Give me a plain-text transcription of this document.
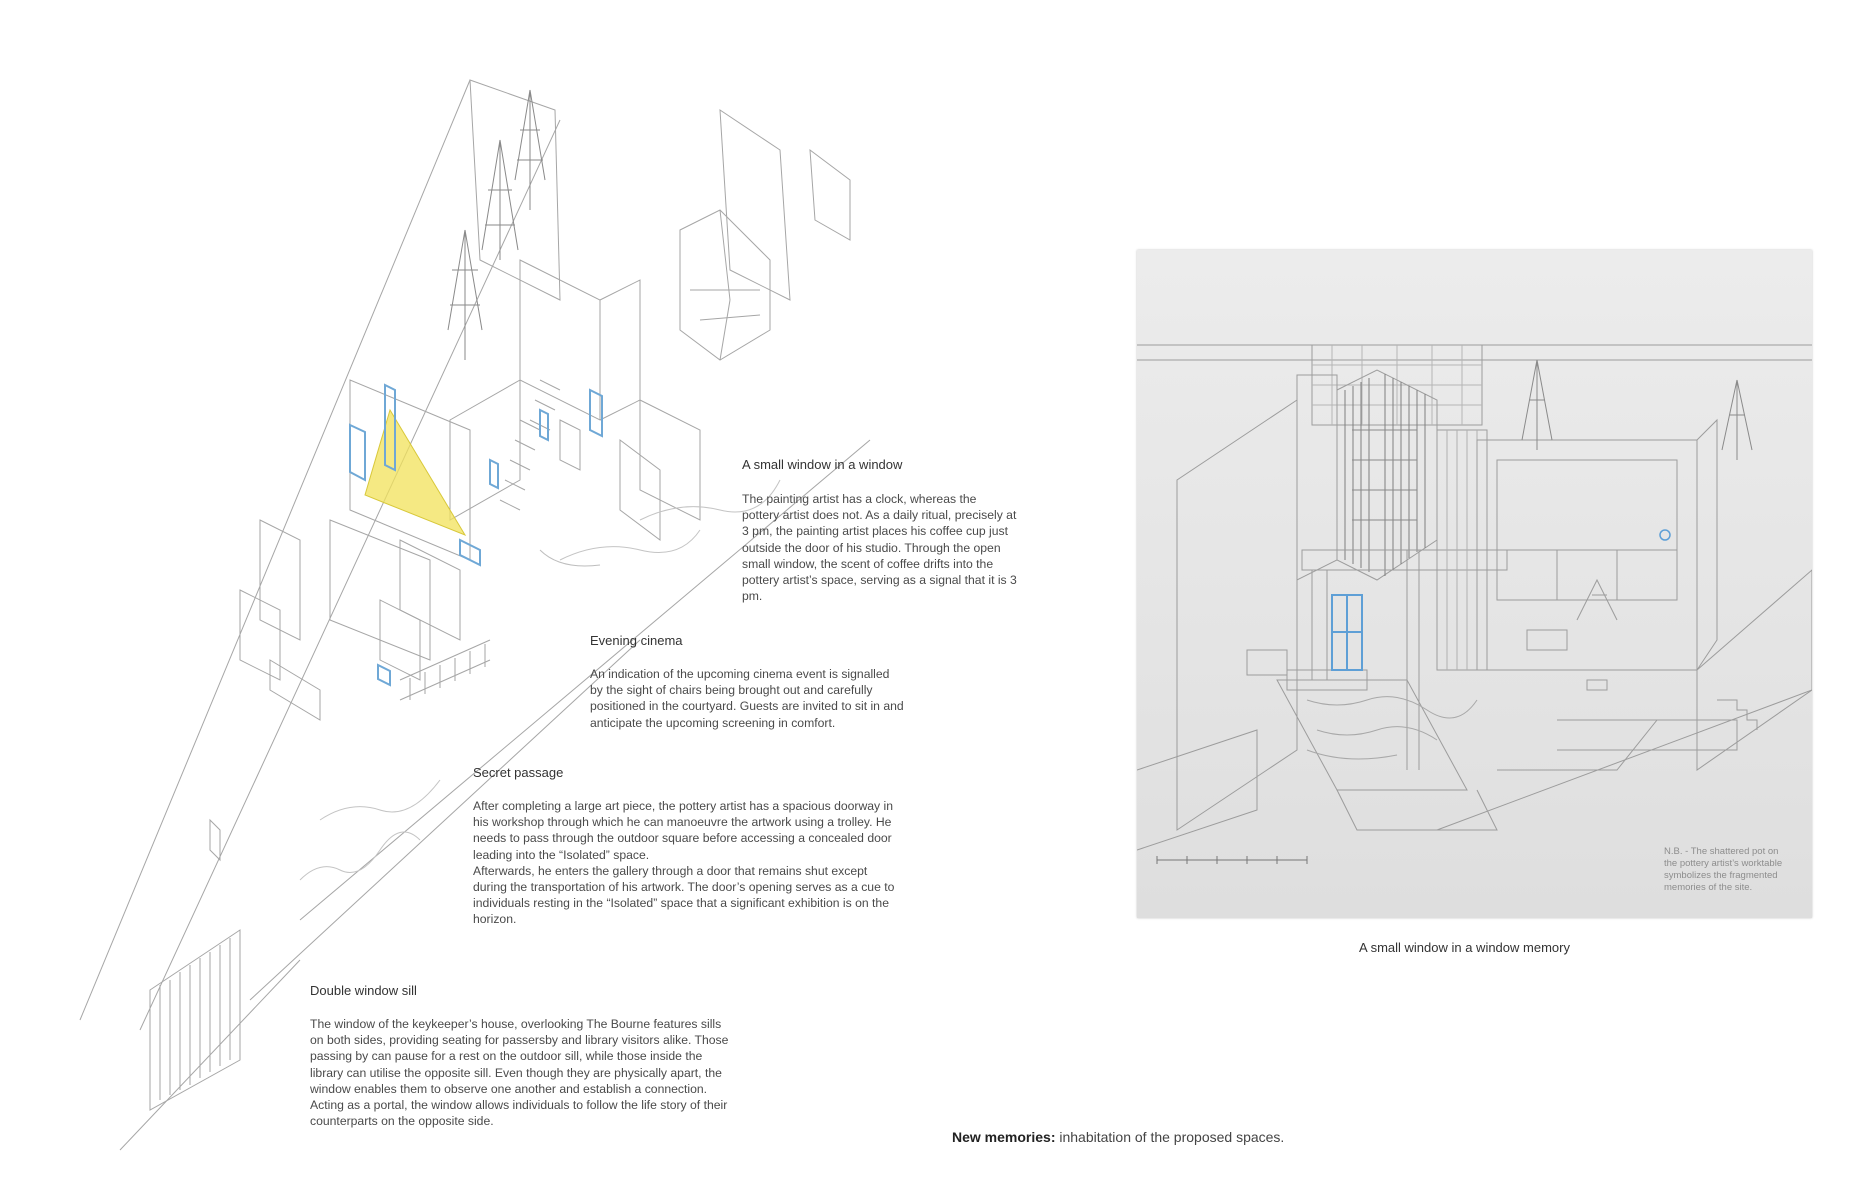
A small window in a window
The painting artist has a clock, whereas the
pottery artist does not. As a daily ritual, precisely at
3 pm, the painting artist places his coffee cup just
outside the door of his studio. Through the open
small window, the scent of coffee drifts into the
pottery artist’s space, serving as a signal that it is 3
pm.
Evening cinema
An indication of the upcoming cinema event is signalled
by the sight of chairs being brought out and carefully
positioned in the courtyard. Guests are invited to sit in and
anticipate the upcoming screening in comfort.
Secret passage
After completing a large art piece, the pottery artist has a spacious doorway in
his workshop through which he can manoeuvre the artwork using a trolley. He
needs to pass through the outdoor square before accessing a concealed door
leading into the “Isolated” space.
Afterwards, he enters the gallery through a door that remains shut except
during the transportation of his artwork. The door’s opening serves as a cue to
individuals resting in the “Isolated” space that a significant exhibition is on the
horizon.
Double window sill
The window of the keykeeper’s house, overlooking The Bourne features sills
on both sides, providing seating for passersby and library visitors alike. Those
passing by can pause for a rest on the outdoor sill, while those inside the
library can utilise the opposite sill. Even though they are physically apart, the
window enables them to observe one another and establish a connection.
Acting as a portal, the window allows individuals to follow the life story of their
counterparts on the opposite side.
N.B. - The shattered pot on
the pottery artist’s worktable
symbolizes the fragmented
memories of the site.
A small window in a window memory
New memories: inhabitation of the proposed spaces.
